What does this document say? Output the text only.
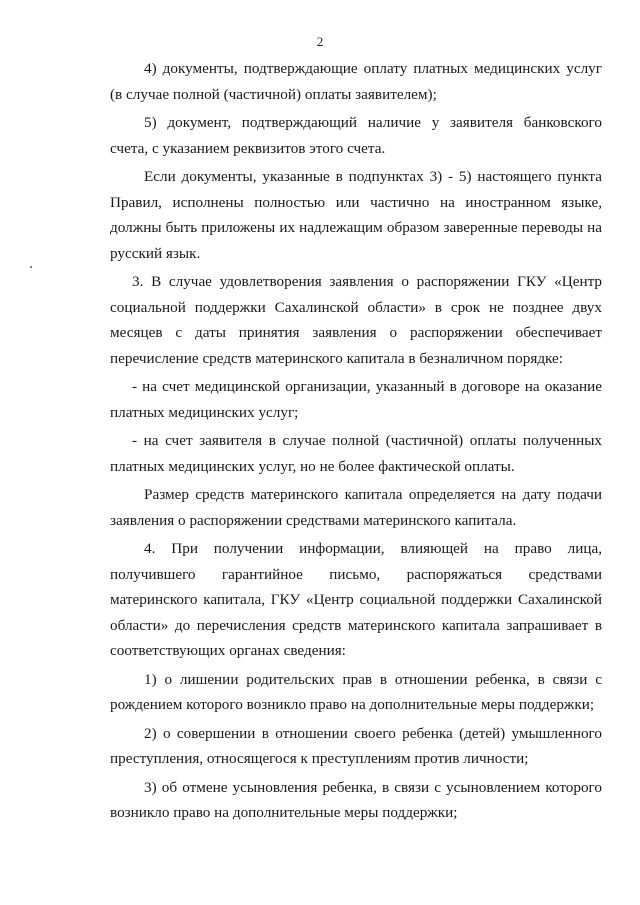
2

4) документы, подтверждающие оплату платных медицинских услуг (в случае полной (частичной) оплаты заявителем);

5) документ, подтверждающий наличие у заявителя банковского счета, с указанием реквизитов этого счета.

Если документы, указанные в подпунктах 3) - 5) настоящего пункта Правил, исполнены полностью или частично на иностранном языке, должны быть приложены их надлежащим образом заверенные переводы на русский язык.

3. В случае удовлетворения заявления о распоряжении ГКУ «Центр социальной поддержки Сахалинской области» в срок не позднее двух месяцев с даты принятия заявления о распоряжении обеспечивает перечисление средств материнского капитала в безналичном порядке:

- на счет медицинской организации, указанный в договоре на оказание платных медицинских услуг;

- на счет заявителя в случае полной (частичной) оплаты полученных платных медицинских услуг, но не более фактической оплаты.

Размер средств материнского капитала определяется на дату подачи заявления о распоряжении средствами материнского капитала.

4. При получении информации, влияющей на право лица, получившего гарантийное письмо, распоряжаться средствами материнского капитала, ГКУ «Центр социальной поддержки Сахалинской области» до перечисления средств материнского капитала запрашивает в соответствующих органах сведения:

1) о лишении родительских прав в отношении ребенка, в связи с рождением которого возникло право на дополнительные меры поддержки;

2) о совершении в отношении своего ребенка (детей) умышленного преступления, относящегося к преступлениям против личности;

3) об отмене усыновления ребенка, в связи с усыновлением которого возникло право на дополнительные меры поддержки;
